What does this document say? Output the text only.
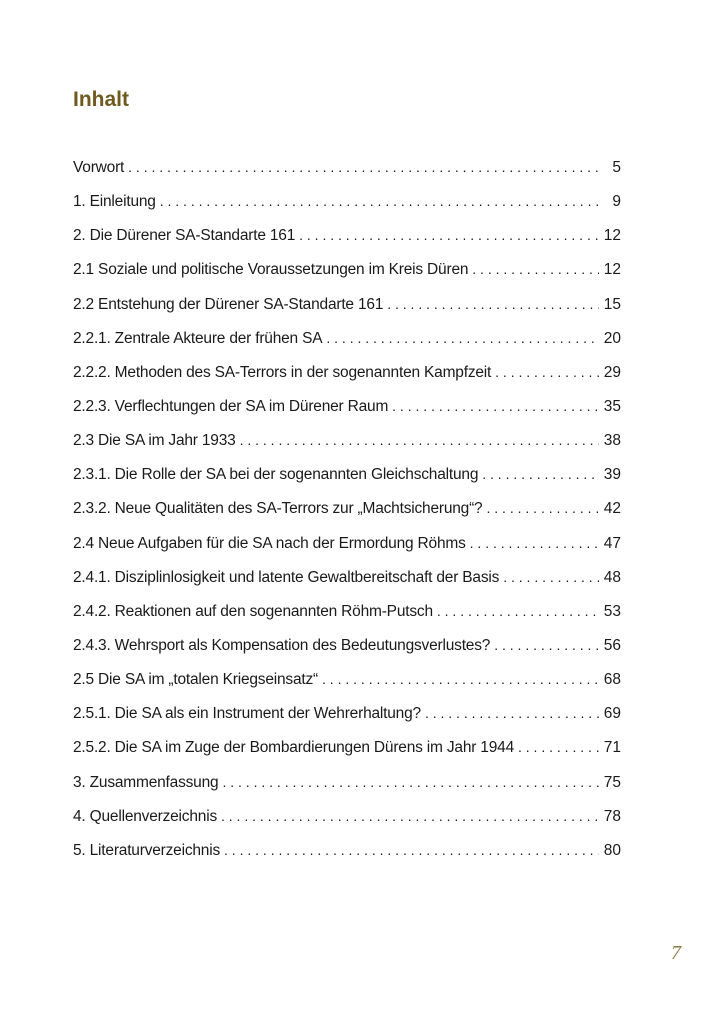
Inhalt
Vorwort . . .	5
1. Einleitung . . .	9
2. Die Dürener SA-Standarte 161 . . .	12
2.1 Soziale und politische Voraussetzungen im Kreis Düren . . .	12
2.2 Entstehung der Dürener SA-Standarte 161 . . .	15
2.2.1. Zentrale Akteure der frühen SA . . .	20
2.2.2. Methoden des SA-Terrors in der sogenannten Kampfzeit . . .	29
2.2.3. Verflechtungen der SA im Dürener Raum . . .	35
2.3 Die SA im Jahr 1933 . . .	38
2.3.1. Die Rolle der SA bei der sogenannten Gleichschaltung . . .	39
2.3.2. Neue Qualitäten des SA-Terrors zur „Machtsicherung“? . . .	42
2.4 Neue Aufgaben für die SA nach der Ermordung Röhms . . .	47
2.4.1. Disziplinlosigkeit und latente Gewaltbereitschaft der Basis . . .	48
2.4.2. Reaktionen auf den sogenannten Röhm-Putsch . . .	53
2.4.3. Wehrsport als Kompensation des Bedeutungsverlustes? . . .	56
2.5 Die SA im „totalen Kriegseinsatz“ . . .	68
2.5.1. Die SA als ein Instrument der Wehrerhaltung? . . .	69
2.5.2. Die SA im Zuge der Bombardierungen Dürens im Jahr 1944 . . .	71
3. Zusammenfassung . . .	75
4. Quellenverzeichnis . . .	78
5. Literaturverzeichnis . . .	80
7
